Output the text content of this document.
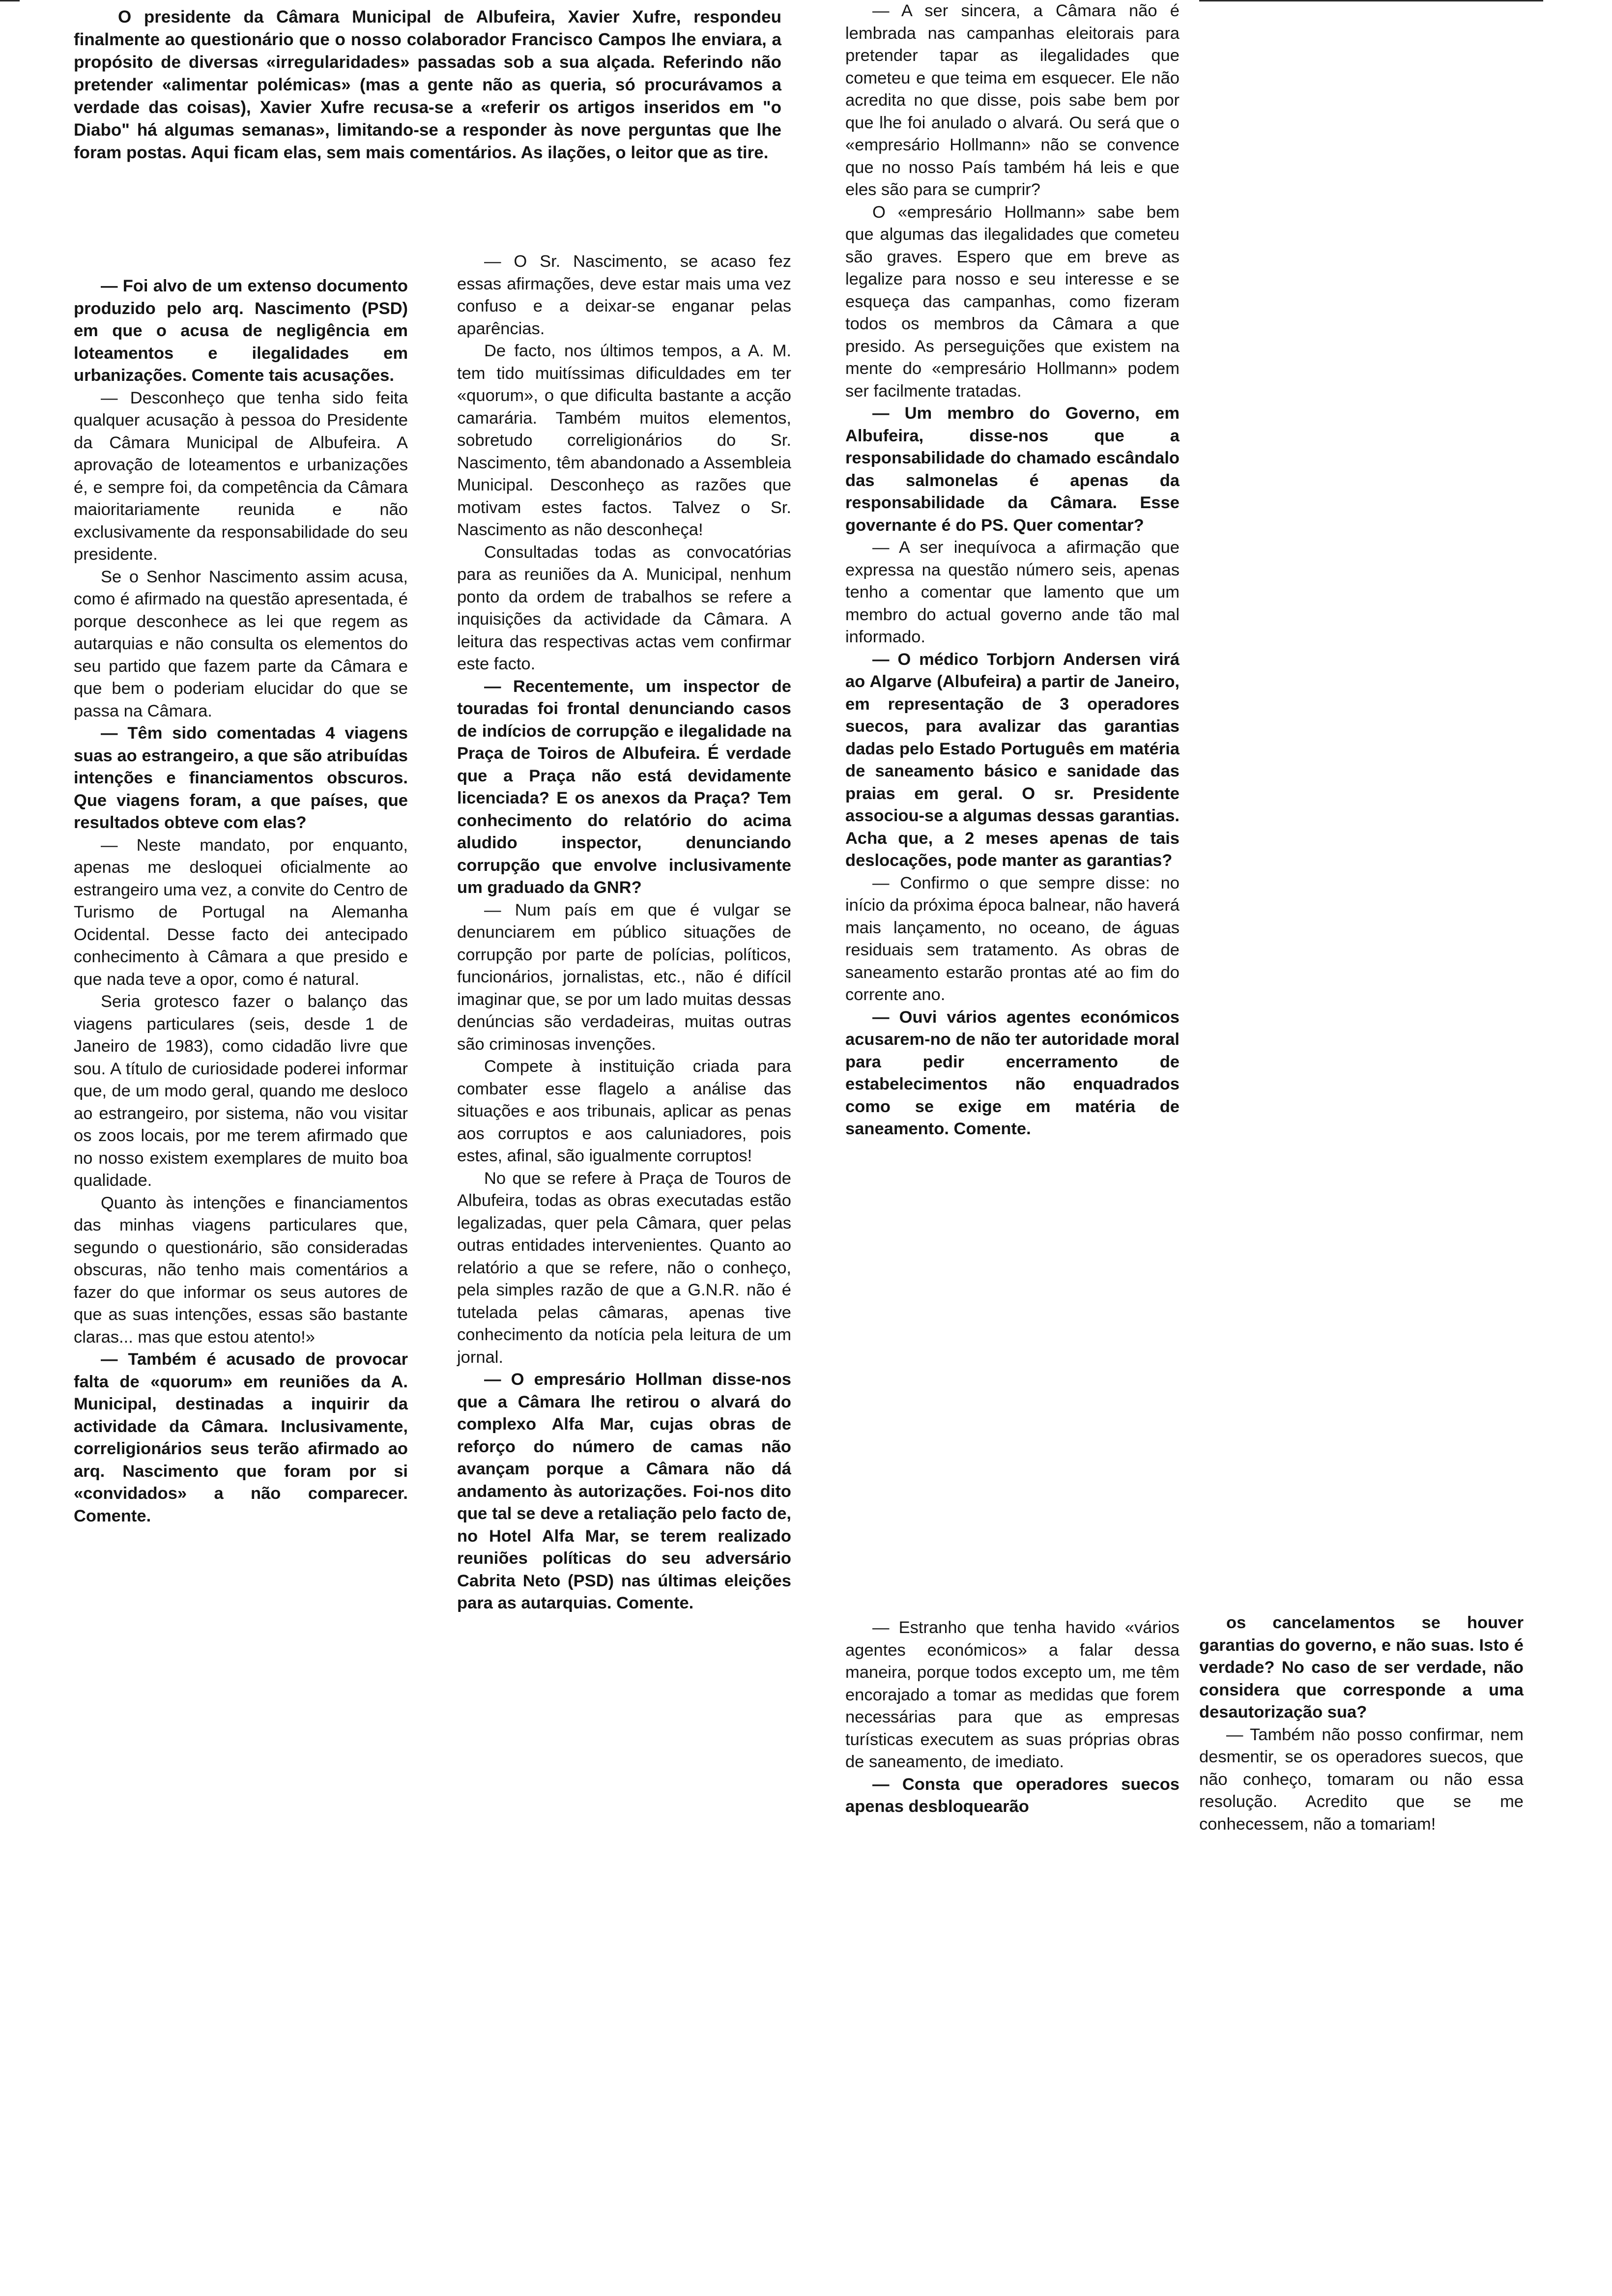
O presidente da Câmara Municipal de Albufeira, Xavier Xufre, respondeu finalmente ao questionário que o nosso colaborador Francisco Campos lhe enviara, a propósito de diversas «irregularidades» passadas sob a sua alçada. Referindo não pretender «alimentar polémicas» (mas a gente não as queria, só procurávamos a verdade das coisas), Xavier Xufre recusa-se a «referir os artigos inseridos em "o Diabo" há algumas semanas», limitando-se a responder às nove perguntas que lhe foram postas. Aqui ficam elas, sem mais comentários. As ilações, o leitor que as tire.

— Foi alvo de um extenso documento produzido pelo arq. Nascimento (PSD) em que o acusa de negligência em loteamentos e ilegalidades em urbanizações. Comente tais acusações.

— Desconheço que tenha sido feita qualquer acusação à pessoa do Presidente da Câmara Municipal de Albufeira. A aprovação de loteamentos e urbanizações é, e sempre foi, da competência da Câmara maioritariamente reunida e não exclusivamente da responsabilidade do seu presidente.

Se o Senhor Nascimento assim acusa, como é afirmado na questão apresentada, é porque desconhece as lei que regem as autarquias e não consulta os elementos do seu partido que fazem parte da Câmara e que bem o poderiam elucidar do que se passa na Câmara.

— Têm sido comentadas 4 viagens suas ao estrangeiro, a que são atribuídas intenções e financiamentos obscuros. Que viagens foram, a que países, que resultados obteve com elas?

— Neste mandato, por enquanto, apenas me desloquei oficialmente ao estrangeiro uma vez, a convite do Centro de Turismo de Portugal na Alemanha Ocidental. Desse facto dei antecipado conhecimento à Câmara a que presido e que nada teve a opor, como é natural.

Seria grotesco fazer o balanço das viagens particulares (seis, desde 1 de Janeiro de 1983), como cidadão livre que sou. A título de curiosidade poderei informar que, de um modo geral, quando me desloco ao estrangeiro, por sistema, não vou visitar os zoos locais, por me terem afirmado que no nosso existem exemplares de muito boa qualidade.

Quanto às intenções e financiamentos das minhas viagens particulares que, segundo o questionário, são consideradas obscuras, não tenho mais comentários a fazer do que informar os seus autores de que as suas intenções, essas são bastante claras... mas que estou atento!»

— Também é acusado de provocar falta de «quorum» em reuniões da A. Municipal, destinadas a inquirir da actividade da Câmara. Inclusivamente, correligionários seus terão afirmado ao arq. Nascimento que foram por si «convidados» a não comparecer. Comente.

— O Sr. Nascimento, se acaso fez essas afirmações, deve estar mais uma vez confuso e a deixar-se enganar pelas aparências.

De facto, nos últimos tempos, a A. M. tem tido muitíssimas dificuldades em ter «quorum», o que dificulta bastante a acção camarária. Também muitos elementos, sobretudo correligionários do Sr. Nascimento, têm abandonado a Assembleia Municipal. Desconheço as razões que motivam estes factos. Talvez o Sr. Nascimento as não desconheça!

Consultadas todas as convocatórias para as reuniões da A. Municipal, nenhum ponto da ordem de trabalhos se refere a inquisições da actividade da Câmara. A leitura das respectivas actas vem confirmar este facto.

— Recentemente, um inspector de touradas foi frontal denunciando casos de indícios de corrupção e ilegalidade na Praça de Toiros de Albufeira. É verdade que a Praça não está devidamente licenciada? E os anexos da Praça? Tem conhecimento do relatório do acima aludido inspector, denunciando corrupção que envolve inclusivamente um graduado da GNR?

— Num país em que é vulgar se denunciarem em público situações de corrupção por parte de polícias, políticos, funcionários, jornalistas, etc., não é difícil imaginar que, se por um lado muitas dessas denúncias são verdadeiras, muitas outras são criminosas invenções.

Compete à instituição criada para combater esse flagelo a análise das situações e aos tribunais, aplicar as penas aos corruptos e aos caluniadores, pois estes, afinal, são igualmente corruptos!

No que se refere à Praça de Touros de Albufeira, todas as obras executadas estão legalizadas, quer pela Câmara, quer pelas outras entidades intervenientes. Quanto ao relatório a que se refere, não o conheço, pela simples razão de que a G.N.R. não é tutelada pelas câmaras, apenas tive conhecimento da notícia pela leitura de um jornal.

— O empresário Hollman disse-nos que a Câmara lhe retirou o alvará do complexo Alfa Mar, cujas obras de reforço do número de camas não avançam porque a Câmara não dá andamento às autorizações. Foi-nos dito que tal se deve a retaliação pelo facto de, no Hotel Alfa Mar, se terem realizado reuniões políticas do seu adversário Cabrita Neto (PSD) nas últimas eleições para as autarquias. Comente.

— A ser sincera, a Câmara não é lembrada nas campanhas eleitorais para pretender tapar as ilegalidades que cometeu e que teima em esquecer. Ele não acredita no que disse, pois sabe bem por que lhe foi anulado o alvará. Ou será que o «empresário Hollmann» não se convence que no nosso País também há leis e que eles são para se cumprir?

O «empresário Hollmann» sabe bem que algumas das ilegalidades que cometeu são graves. Espero que em breve as legalize para nosso e seu interesse e se esqueça das campanhas, como fizeram todos os membros da Câmara a que presido. As perseguições que existem na mente do «empresário Hollmann» podem ser facilmente tratadas.

— Um membro do Governo, em Albufeira, disse-nos que a responsabilidade do chamado escândalo das salmonelas é apenas da responsabilidade da Câmara. Esse governante é do PS. Quer comentar?

— A ser inequívoca a afirmação que expressa na questão número seis, apenas tenho a comentar que lamento que um membro do actual governo ande tão mal informado.

— O médico Torbjorn Andersen virá ao Algarve (Albufeira) a partir de Janeiro, em representação de 3 operadores suecos, para avalizar das garantias dadas pelo Estado Português em matéria de saneamento básico e sanidade das praias em geral. O sr. Presidente associou-se a algumas dessas garantias. Acha que, a 2 meses apenas de tais deslocações, pode manter as garantias?

— Confirmo o que sempre disse: no início da próxima época balnear, não haverá mais lançamento, no oceano, de águas residuais sem tratamento. As obras de saneamento estarão prontas até ao fim do corrente ano.

— Ouvi vários agentes económicos acusarem-no de não ter autoridade moral para pedir encerramento de estabelecimentos não enquadrados como se exige em matéria de saneamento. Comente.

— Estranho que tenha havido «vários agentes económicos» a falar dessa maneira, porque todos excepto um, me têm encorajado a tomar as medidas que forem necessárias para que as empresas turísticas executem as suas próprias obras de saneamento, de imediato.

— Consta que operadores suecos apenas desbloquearão

os cancelamentos se houver garantias do governo, e não suas. Isto é verdade? No caso de ser verdade, não considera que corresponde a uma desautorização sua?

— Também não posso confirmar, nem desmentir, se os operadores suecos, que não conheço, tomaram ou não essa resolução. Acredito que se me conhecessem, não a tomariam!
